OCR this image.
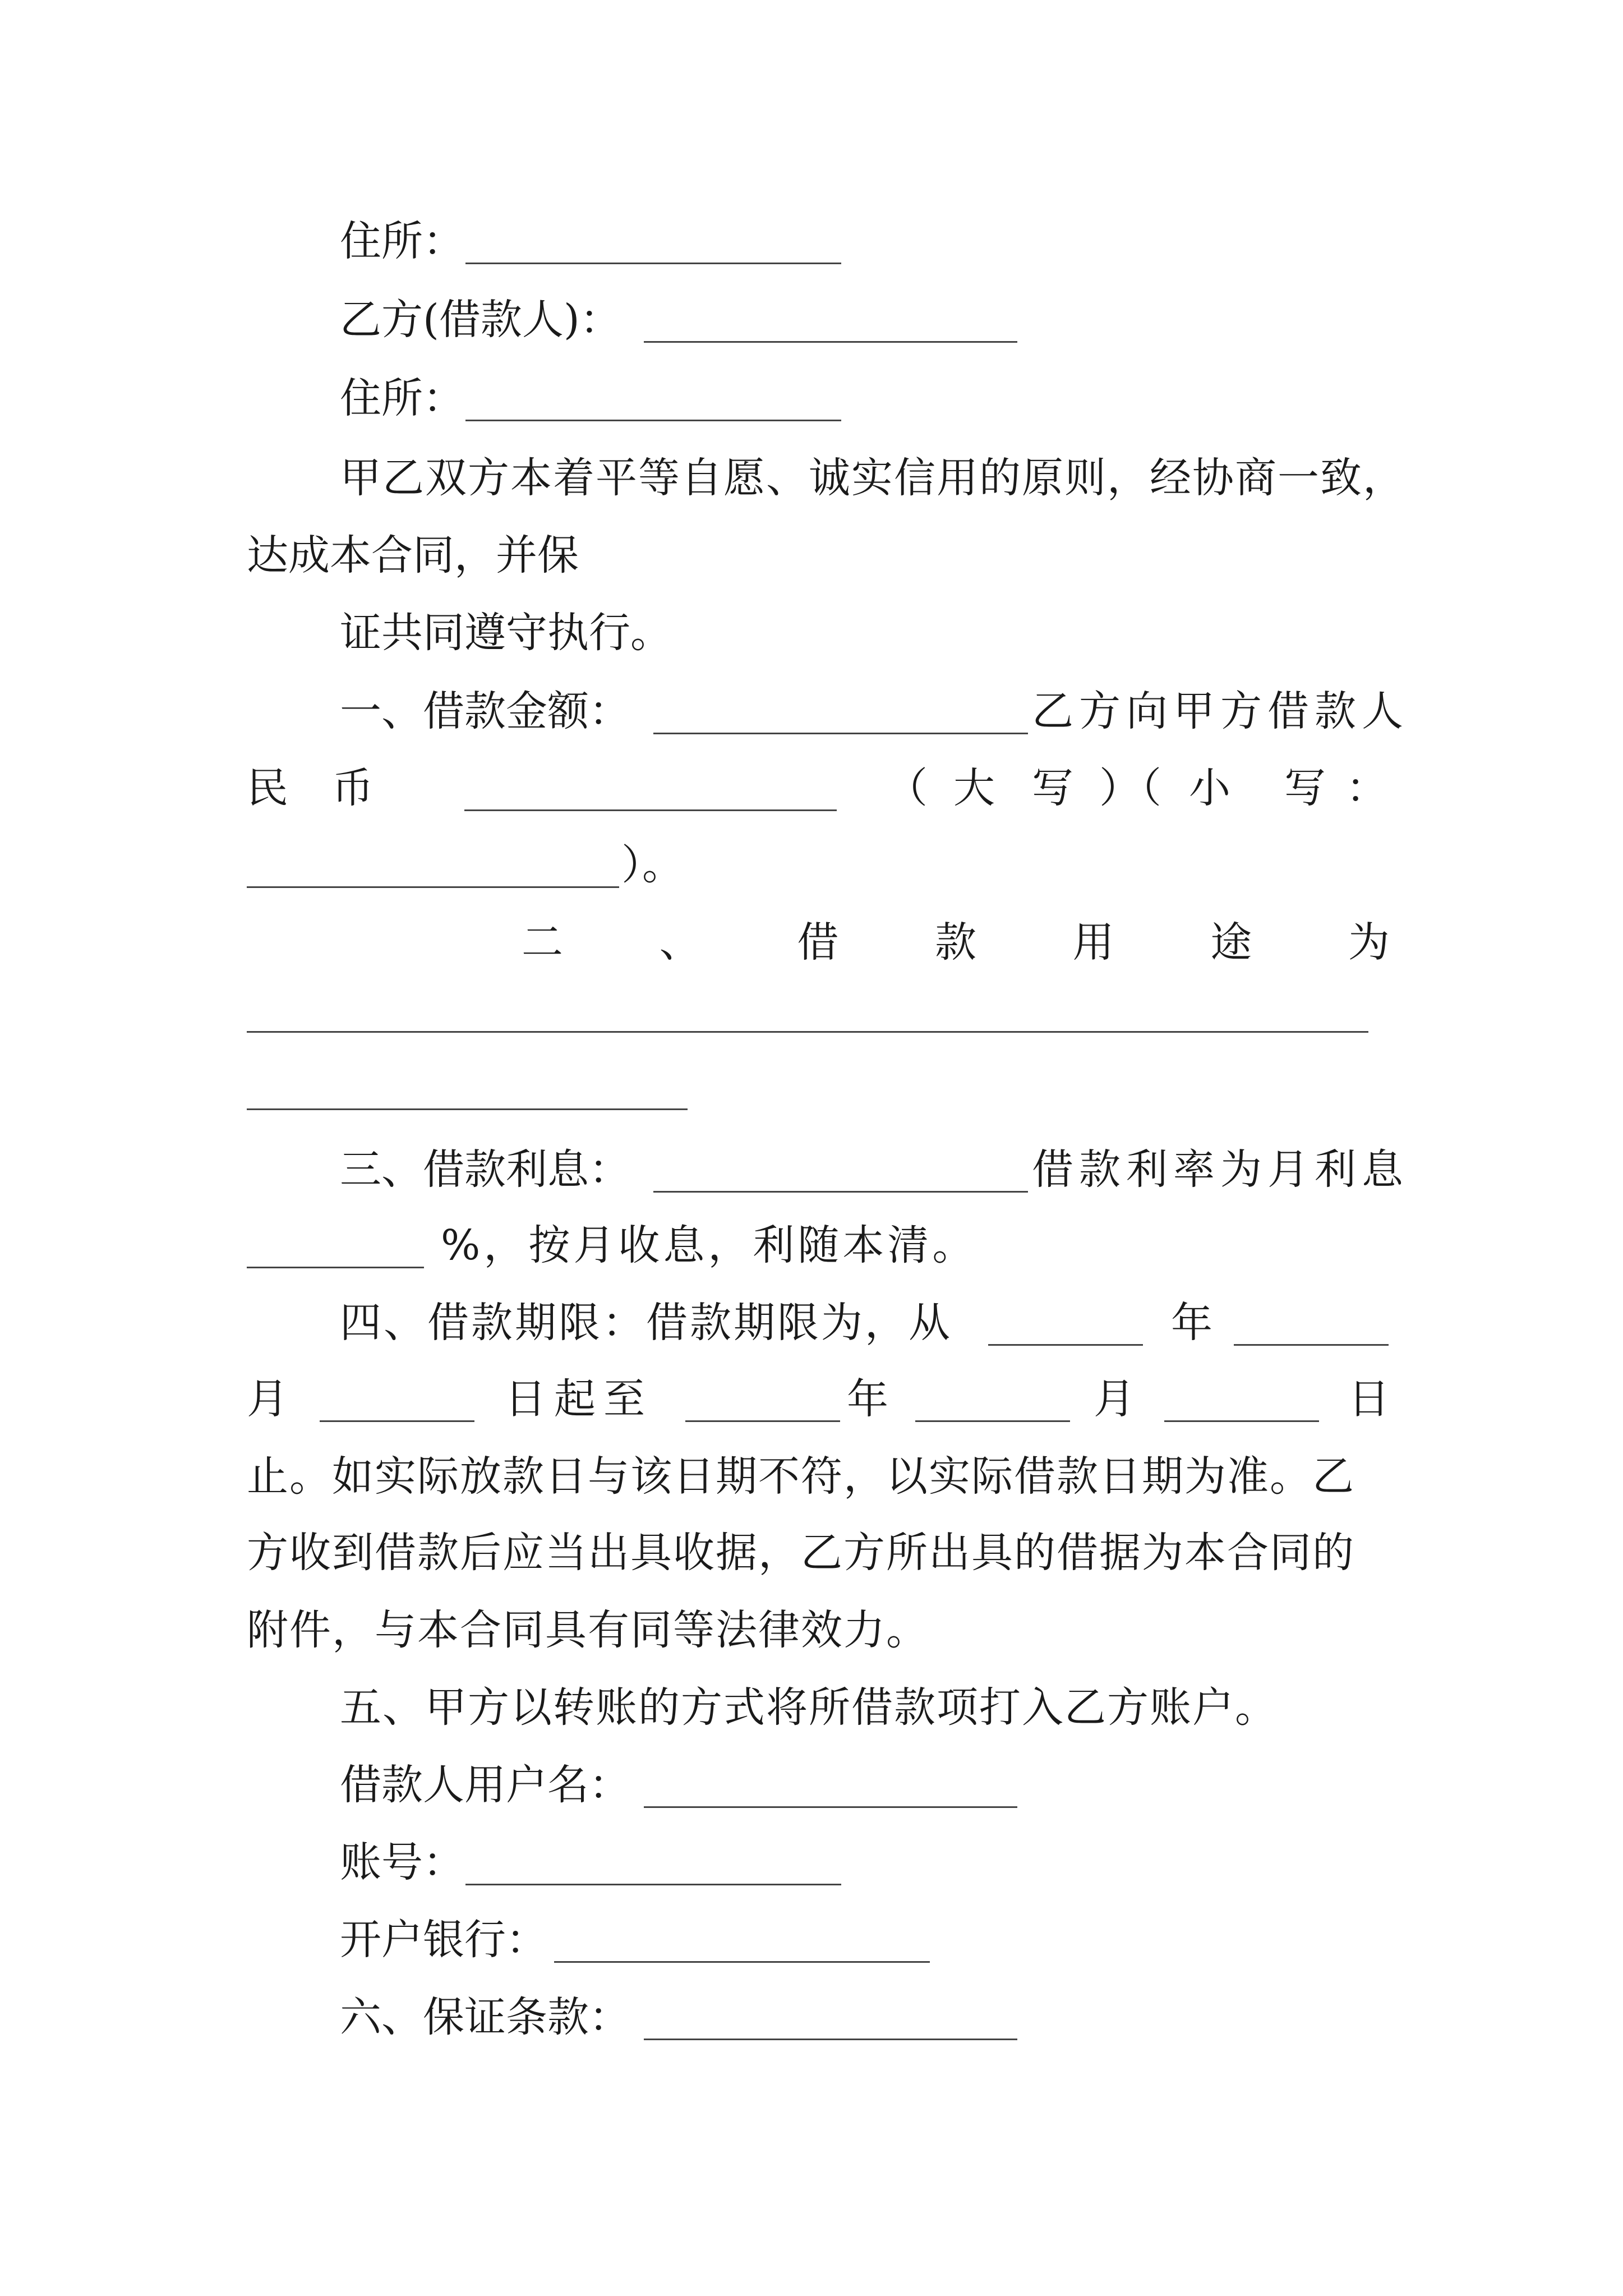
住所：
乙方(借款人)：
住所：
甲乙双方本着平等自愿、诚实信用的原则，经协商一致，
达成本合同，并保
证共同遵守执行。
一、借款金额：	乙方向甲方借款人
民 币	（ 大 写 ）（ 小 写 ：
）。
二 、 借 款 用 途 为
三、借款利息：	借款利率为月利息
%，按月收息，利随本清。
四、借款期限：借款期限为，从	年
月	日起至	年	月	日
止。如实际放款日与该日期不符，以实际借款日期为准。乙
方收到借款后应当出具收据，乙方所出具的借据为本合同的
附件，与本合同具有同等法律效力。
五、甲方以转账的方式将所借款项打入乙方账户。
借款人用户名：
账号：
开户银行：
六、保证条款：
